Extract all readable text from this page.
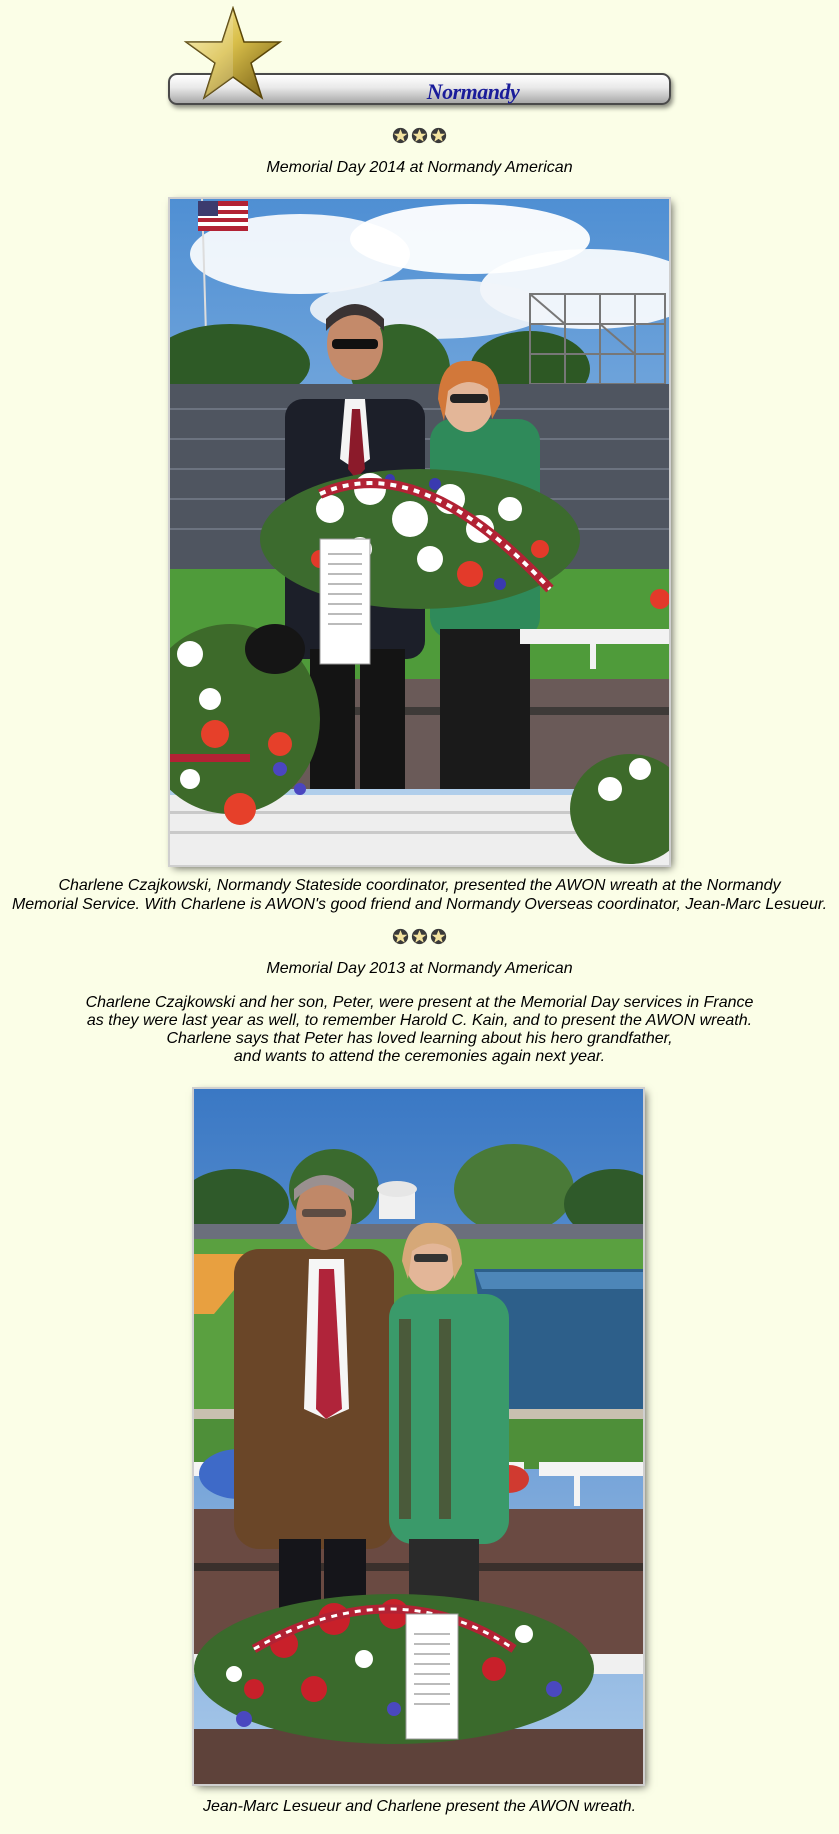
Normandy

Memorial Day 2014 at Normandy American
Charlene Czajkowski, Normandy Stateside coordinator, presented the AWON wreath at the Normandy
Memorial Service. With Charlene is AWON's good friend and Normandy Overseas coordinator, Jean-Marc Lesueur.

Memorial Day 2013 at Normandy American
Charlene Czajkowski and her son, Peter, were present at the Memorial Day services in France
as they were last year as well, to remember Harold C. Kain, and to present the AWON wreath.
Charlene says that Peter has loved learning about his hero grandfather,
and wants to attend the ceremonies again next year.
Jean-Marc Lesueur and Charlene present the AWON wreath.
